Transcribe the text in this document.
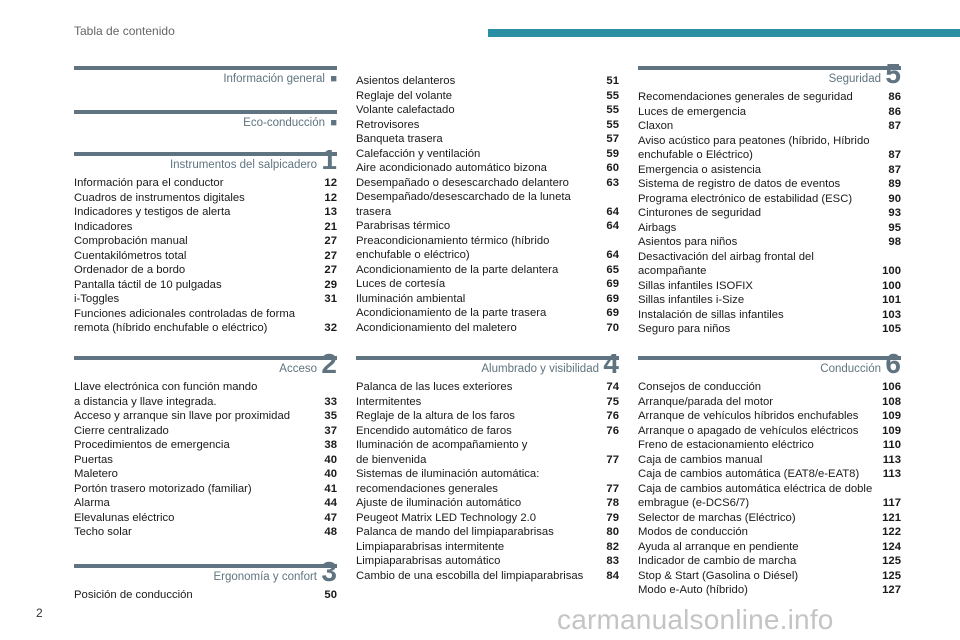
Tabla de contenido
Información general ■
Eco-conducción ■
Instrumentos del salpicadero 1
Información para el conductor	12
Cuadros de instrumentos digitales	12
Indicadores y testigos de alerta	13
Indicadores	21
Comprobación manual	27
Cuentakilómetros total	27
Ordenador de a bordo	27
Pantalla táctil de 10 pulgadas	29
i-Toggles	31
Funciones adicionales controladas de forma
remota (híbrido enchufable o eléctrico)	32
Acceso 2
Llave electrónica con función mando
a distancia y llave integrada.	33
Acceso y arranque sin llave por proximidad	35
Cierre centralizado	37
Procedimientos de emergencia	38
Puertas	40
Maletero	40
Portón trasero motorizado (familiar)	41
Alarma	44
Elevalunas eléctrico	47
Techo solar	48
Ergonomía y confort 3
Posición de conducción	50
Asientos delanteros	51
Reglaje del volante	55
Volante calefactado	55
Retrovisores	55
Banqueta trasera	57
Calefacción y ventilación	59
Aire acondicionado automático bizona	60
Desempañado o desescarchado delantero	63
Desempañado/desescarchado de la luneta
trasera	64
Parabrisas térmico	64
Preacondicionamiento térmico (híbrido
enchufable o eléctrico)	64
Acondicionamiento de la parte delantera	65
Luces de cortesía	69
Iluminación ambiental	69
Acondicionamiento de la parte trasera	69
Acondicionamiento del maletero	70
Alumbrado y visibilidad 4
Palanca de las luces exteriores	74
Intermitentes	75
Reglaje de la altura de los faros	76
Encendido automático de faros	76
Iluminación de acompañamiento y
de bienvenida	77
Sistemas de iluminación automática:
recomendaciones generales	77
Ajuste de iluminación automático	78
Peugeot Matrix LED Technology 2.0	79
Palanca de mando del limpiaparabrisas	80
Limpiaparabrisas intermitente	82
Limpiaparabrisas automático	83
Cambio de una escobilla del limpiaparabrisas	84
Seguridad 5
Recomendaciones generales de seguridad	86
Luces de emergencia	86
Claxon	87
Aviso acústico para peatones (híbrido, Híbrido
enchufable o Eléctrico)	87
Emergencia o asistencia	87
Sistema de registro de datos de eventos	89
Programa electrónico de estabilidad (ESC)	90
Cinturones de seguridad	93
Airbags	95
Asientos para niños	98
Desactivación del airbag frontal del
acompañante	100
Sillas infantiles ISOFIX	100
Sillas infantiles i-Size	101
Instalación de sillas infantiles	103
Seguro para niños	105
Conducción 6
Consejos de conducción	106
Arranque/parada del motor	108
Arranque de vehículos híbridos enchufables	109
Arranque o apagado de vehículos eléctricos	109
Freno de estacionamiento eléctrico	110
Caja de cambios manual	113
Caja de cambios automática (EAT8/e-EAT8)	113
Caja de cambios automática eléctrica de doble
embrague (e-DCS6/7)	117
Selector de marchas (Eléctrico)	121
Modos de conducción	122
Ayuda al arranque en pendiente	124
Indicador de cambio de marcha	125
Stop & Start (Gasolina o Diésel)	125
Modo e-Auto (híbrido)	127
2	carmanualsonline.info
